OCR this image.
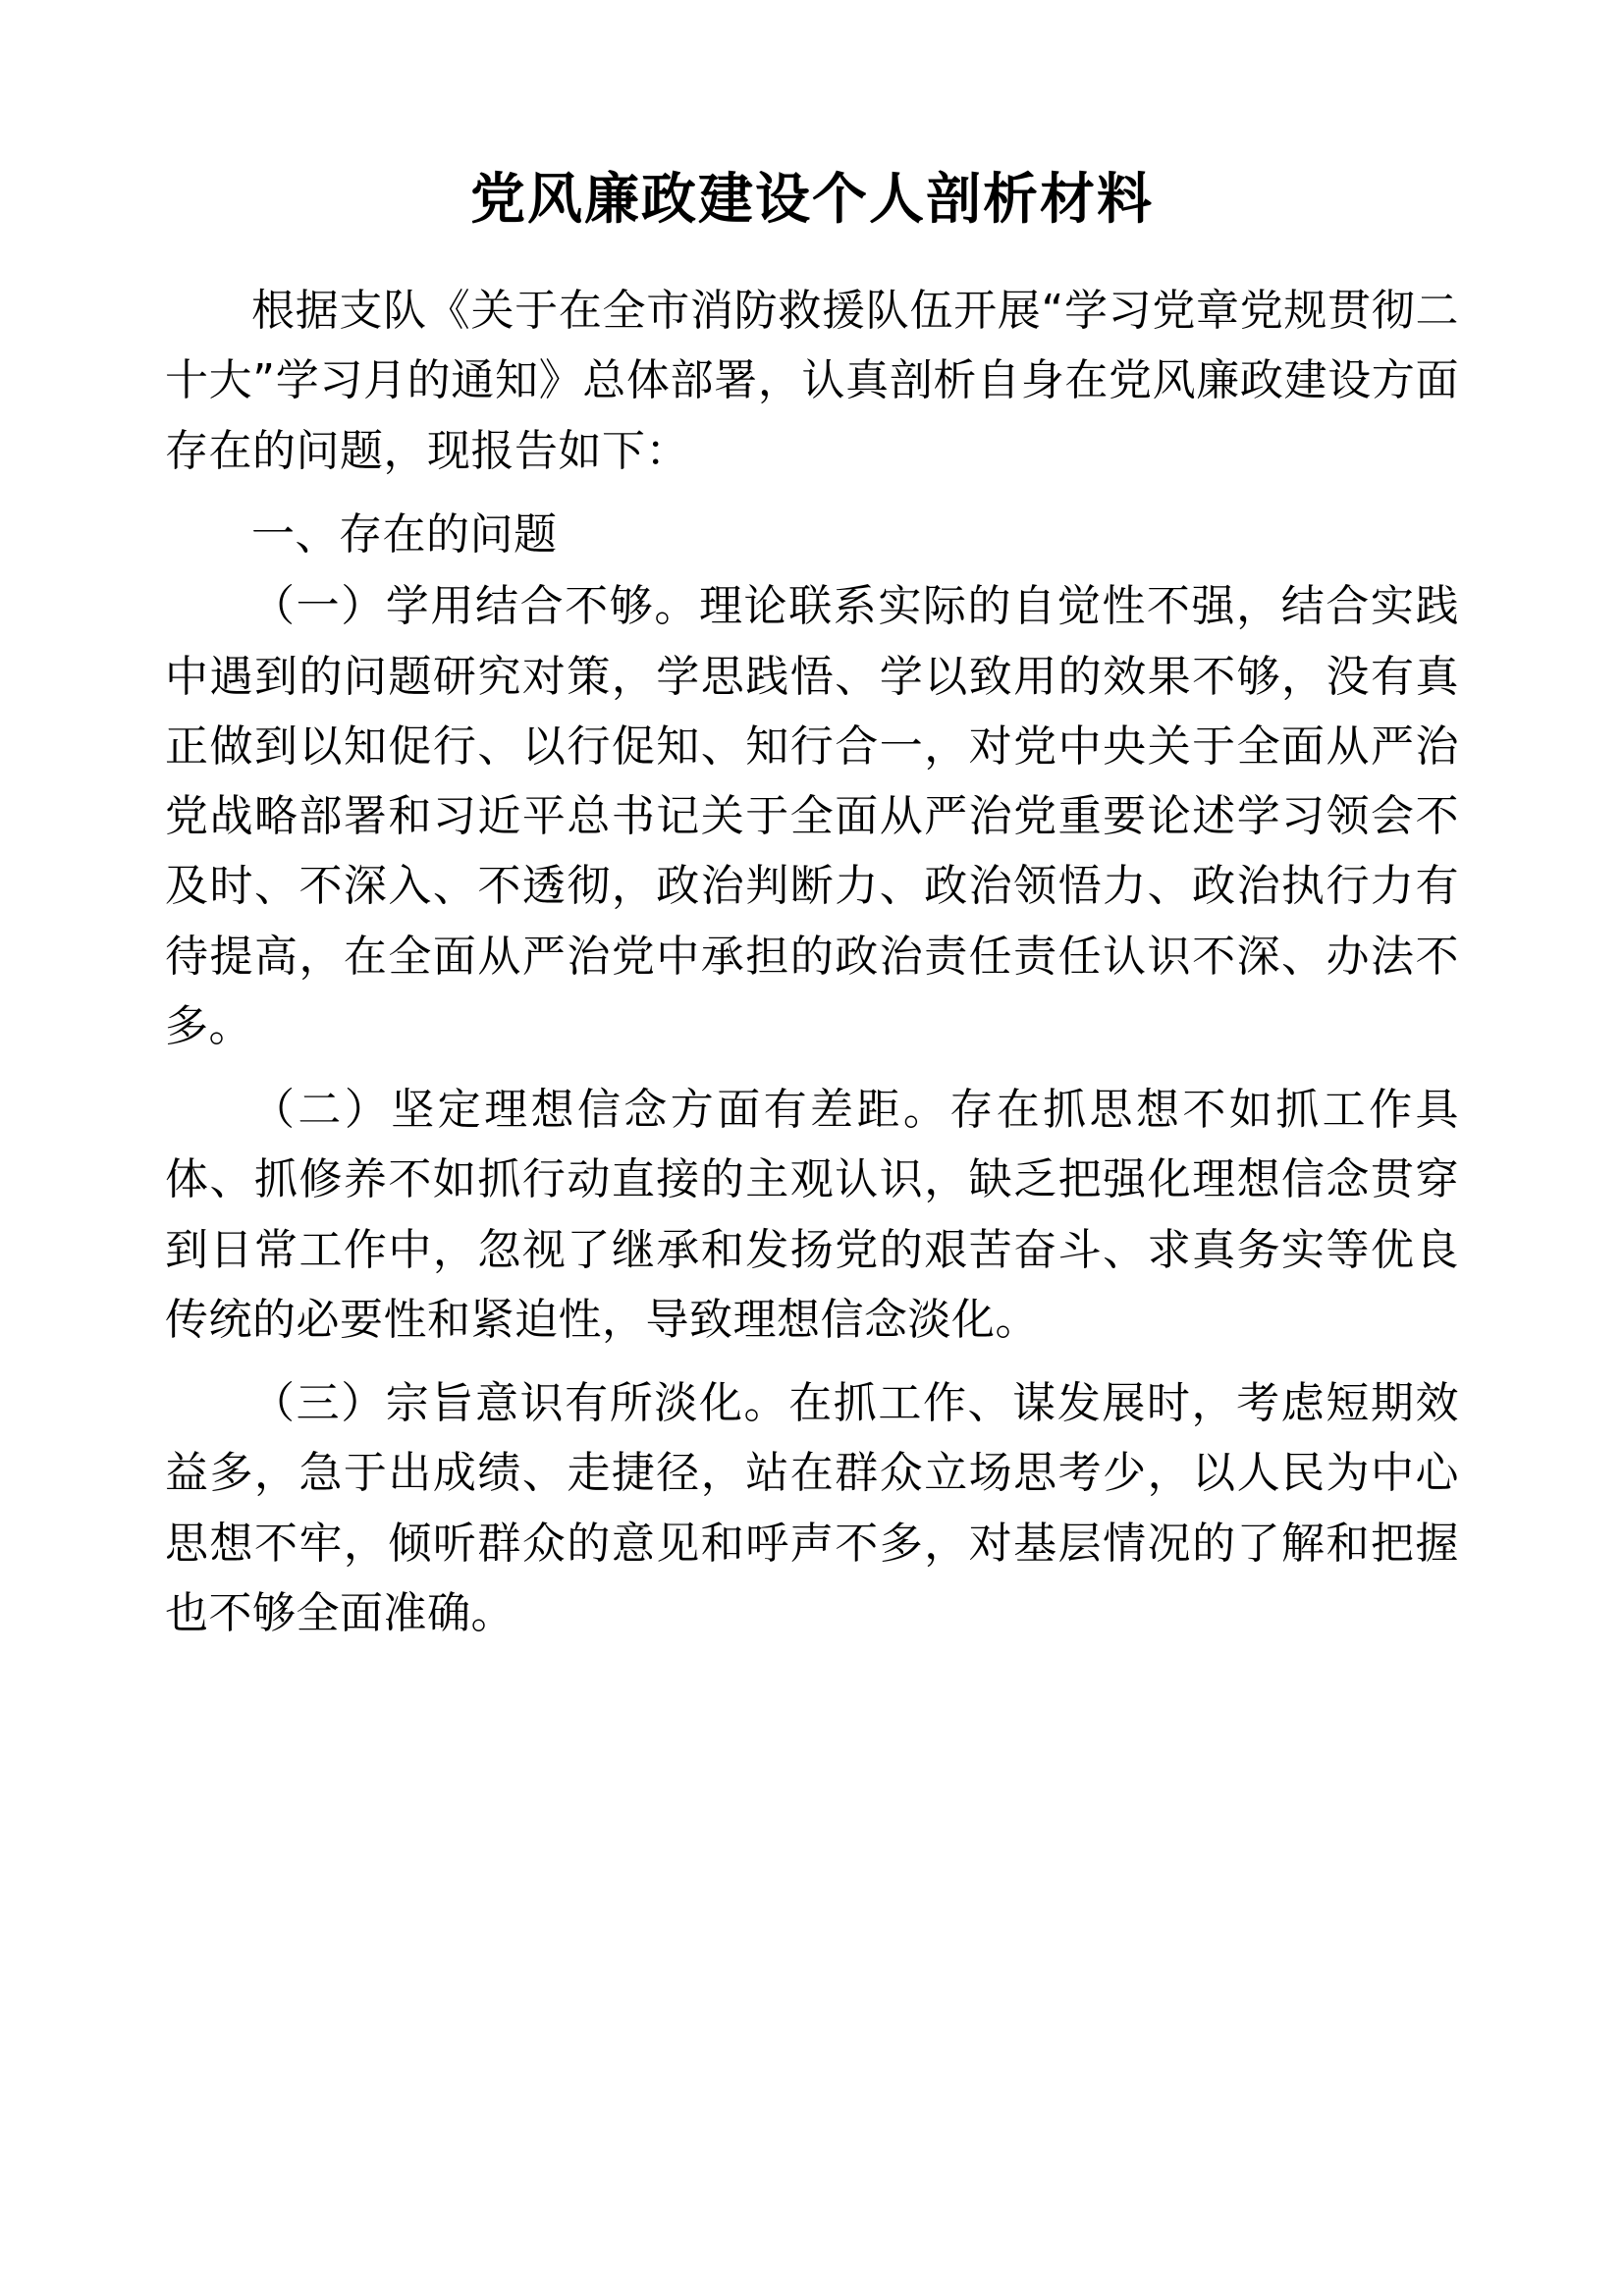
党风廉政建设个人剖析材料

根据支队《关于在全市消防救援队伍开展“学习党章党规贯彻二十大”学习月的通知》总体部署，认真剖析自身在党风廉政建设方面存在的问题，现报告如下：

一、存在的问题

（一）学用结合不够。理论联系实际的自觉性不强，结合实践中遇到的问题研究对策，学思践悟、学以致用的效果不够，没有真正做到以知促行、以行促知、知行合一，对党中央关于全面从严治党战略部署和习近平总书记关于全面从严治党重要论述学习领会不及时、不深入、不透彻，政治判断力、政治领悟力、政治执行力有待提高，在全面从严治党中承担的政治责任责任认识不深、办法不多。

（二）坚定理想信念方面有差距。存在抓思想不如抓工作具体、抓修养不如抓行动直接的主观认识，缺乏把强化理想信念贯穿到日常工作中，忽视了继承和发扬党的艰苦奋斗、求真务实等优良传统的必要性和紧迫性，导致理想信念淡化。

（三）宗旨意识有所淡化。在抓工作、谋发展时，考虑短期效益多，急于出成绩、走捷径，站在群众立场思考少，以人民为中心思想不牢，倾听群众的意见和呼声不多，对基层情况的了解和把握也不够全面准确。
